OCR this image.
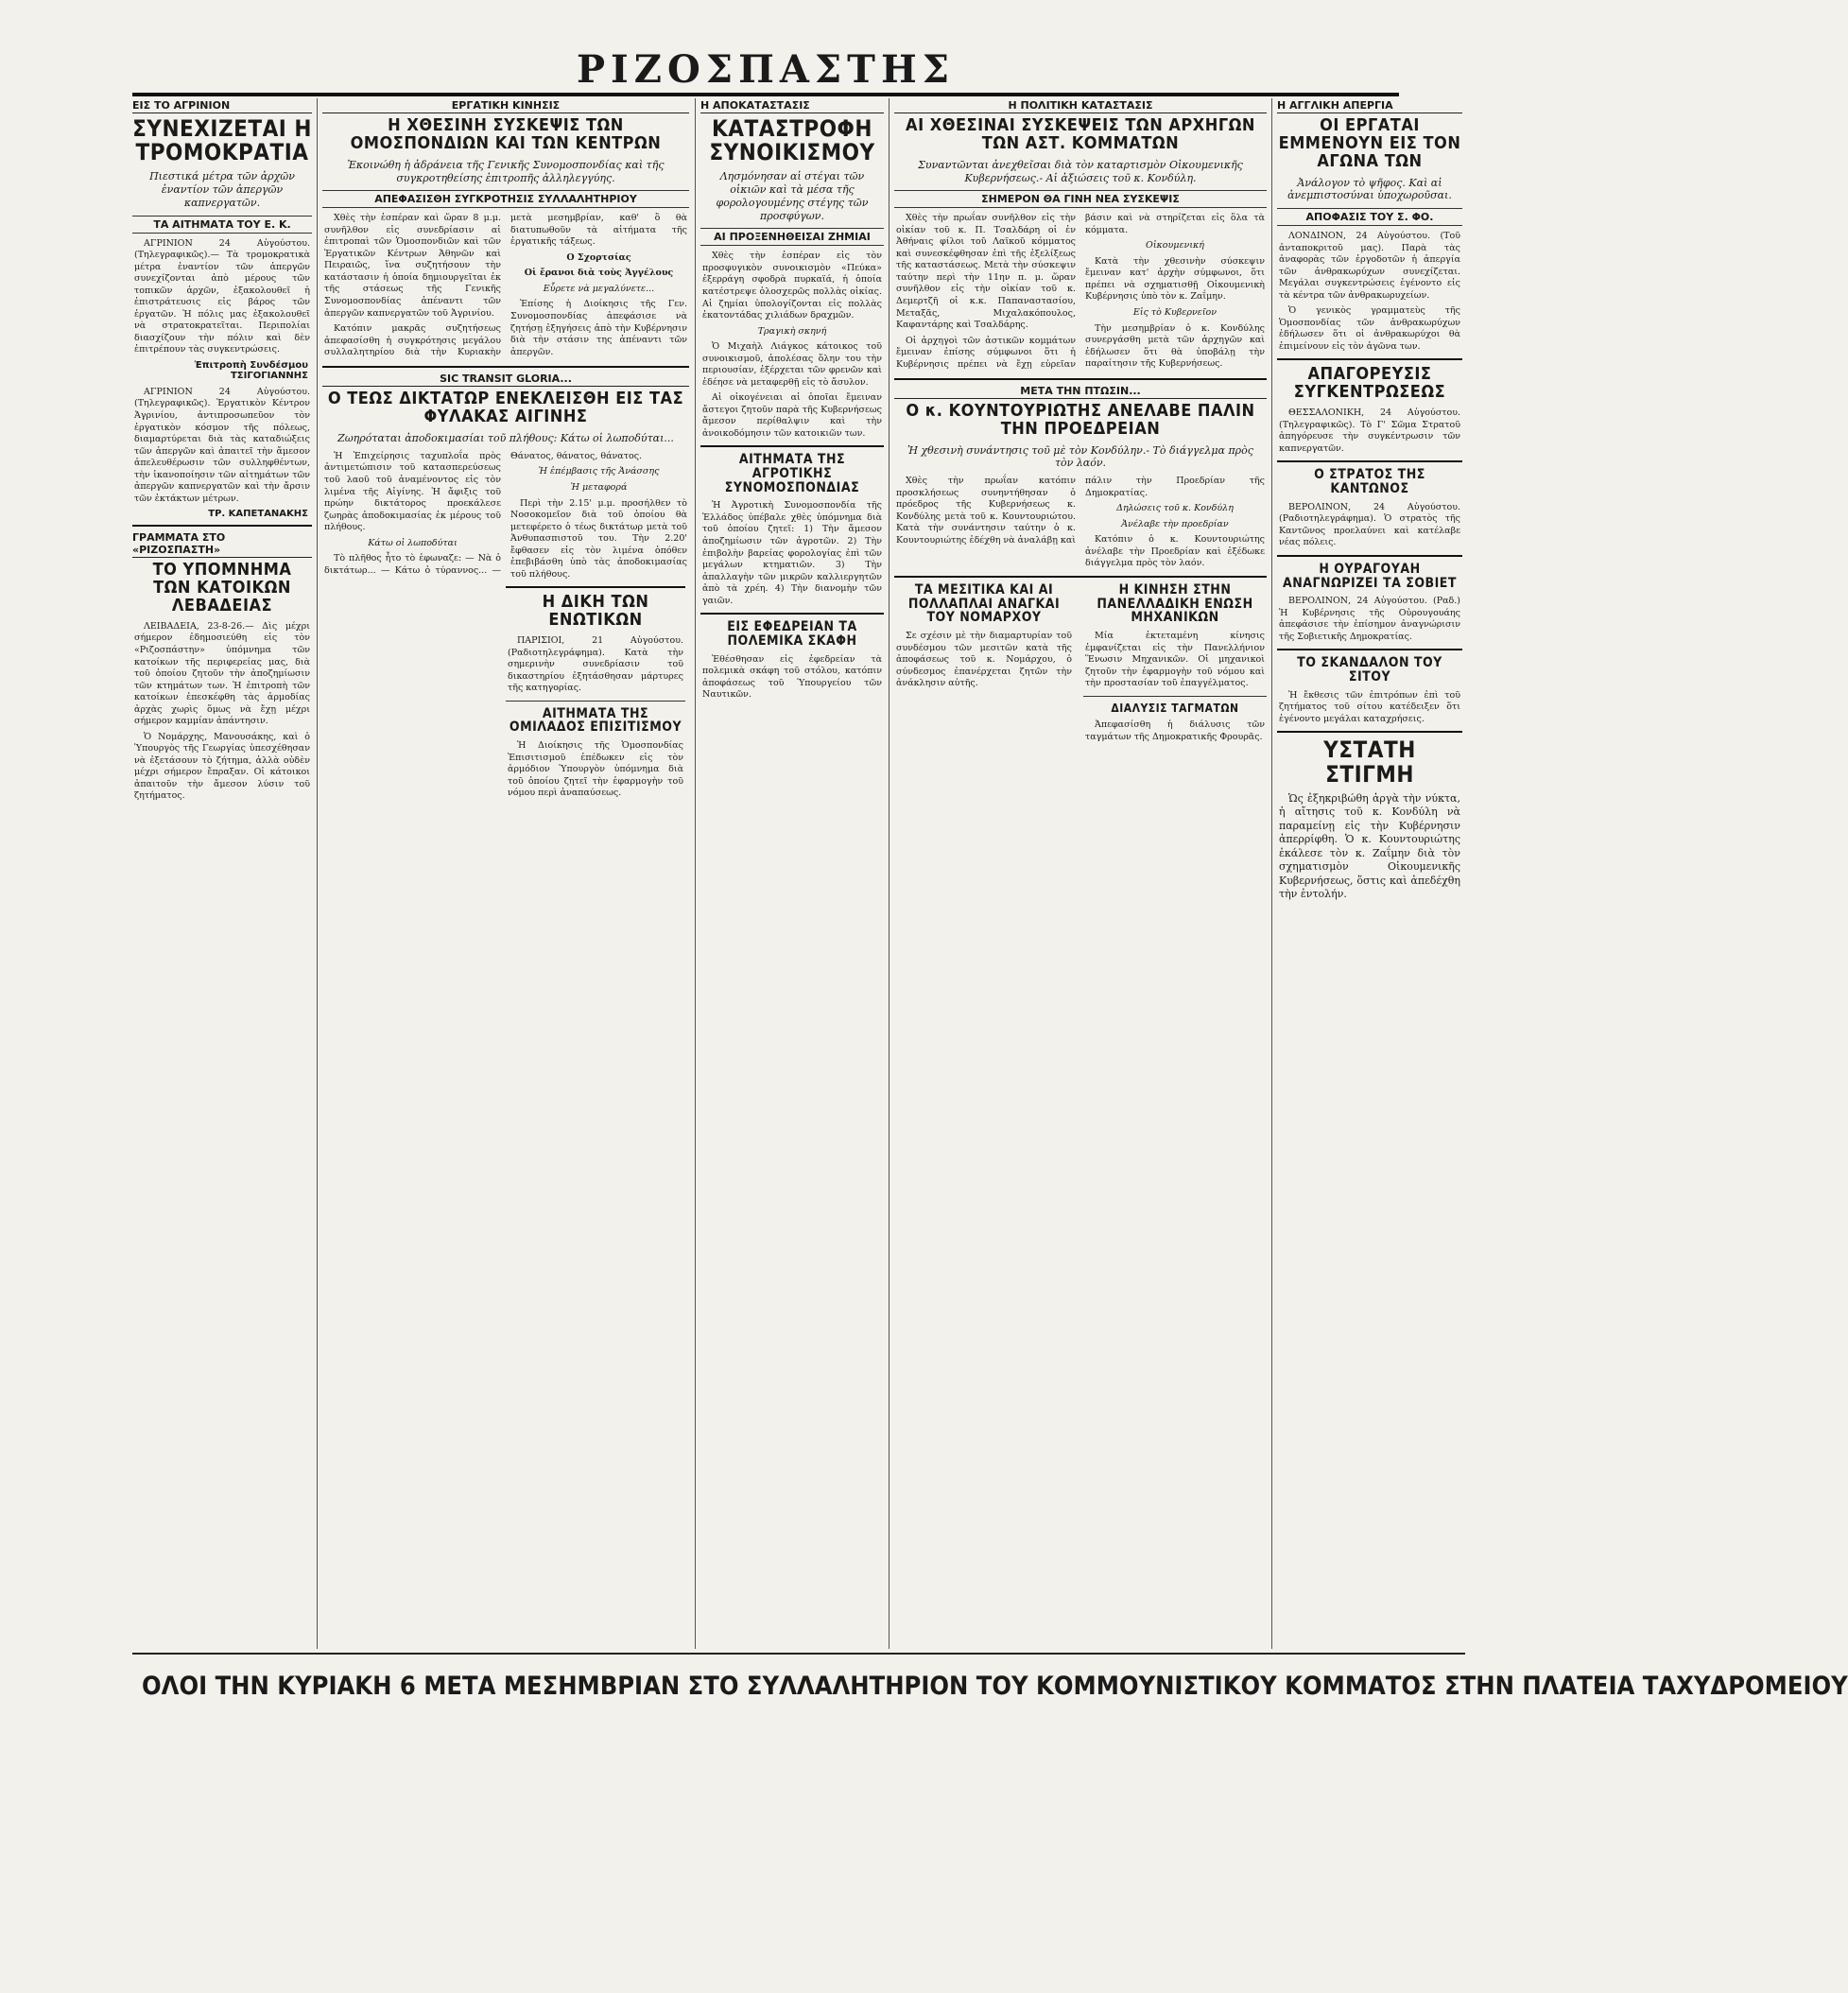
ΡΙΖΟΣΠΑΣΤΗΣ
ΕΙΣ ΤΟ ΑΓΡΙΝΙΟΝ
ΣΥΝΕΧΙΖΕΤΑΙ Η ΤΡΟΜΟΚΡΑΤΙΑ
Πιεστικά μέτρα τῶν ἀρχῶν ἐναντίον τῶν ἀπεργῶν καπνεργατῶν.
ΤΑ ΑΙΤΗΜΑΤΑ ΤΟΥ Ε. Κ.

ΑΓΡΙΝΙΟΝ 24 Αὐγούστου. (Τηλεγραφικῶς).— Τὰ τρομοκρατικὰ μέτρα ἐναντίον τῶν ἀπεργῶν συνεχίζονται ἀπὸ μέρους τῶν τοπικῶν ἀρχῶν, ἐξακολουθεῖ ἡ ἐπιστράτευσις εἰς βάρος τῶν ἐργατῶν. Ἡ πόλις μας ἐξακολουθεῖ νὰ στρατοκρατεῖται. Περιπολίαι διασχίζουν τὴν πόλιν καὶ δὲν ἐπιτρέπουν τὰς συγκεντρώσεις.

Ἐπιτροπὴ Συνδέσμου ΤΣΙΓΟΓΙΑΝΝΗΣ

ΑΓΡΙΝΙΟΝ 24 Αὐγούστου. (Τηλεγραφικῶς). Ἐργατικὸν Κέντρον Ἀγρινίου, ἀντιπροσωπεῦον τὸν ἐργατικὸν κόσμον τῆς πόλεως, διαμαρτύρεται διὰ τὰς καταδιώξεις τῶν ἀπεργῶν καὶ ἀπαιτεῖ τὴν ἄμεσον ἀπελευθέρωσιν τῶν συλληφθέντων, τὴν ἱκανοποίησιν τῶν αἰτημάτων τῶν ἀπεργῶν καπνεργατῶν καὶ τὴν ἄρσιν τῶν ἐκτάκτων μέτρων.

ΤΡ. ΚΑΠΕΤΑΝΑΚΗΣ
ΓΡΑΜΜΑΤΑ ΣΤΟ «ΡΙΖΟΣΠΑΣΤΗ»
ΤΟ ΥΠΟΜΝΗΜΑ ΤΩΝ ΚΑΤΟΙΚΩΝ ΛΕΒΑΔΕΙΑΣ

ΛΕΙΒΑΔΕΙΑ, 23-8-26.— Δὶς μέχρι σήμερον ἐδημοσιεύθη εἰς τὸν «Ριζοσπάστην» ὑπόμνημα τῶν κατοίκων τῆς περιφερείας μας, διὰ τοῦ ὁποίου ζητοῦν τὴν ἀποζημίωσιν τῶν κτημάτων των. Ἡ ἐπιτροπὴ τῶν κατοίκων ἐπεσκέφθη τὰς ἀρμοδίας ἀρχὰς χωρὶς ὅμως νὰ ἔχῃ μέχρι σήμερον καμμίαν ἀπάντησιν.

Ὁ Νομάρχης, Μανουσάκης, καὶ ὁ Ὑπουργὸς τῆς Γεωργίας ὑπεσχέθησαν νὰ ἐξετάσουν τὸ ζήτημα, ἀλλὰ οὐδὲν μέχρι σήμερον ἔπραξαν. Οἱ κάτοικοι ἀπαιτοῦν τὴν ἄμεσον λύσιν τοῦ ζητήματος.

ΕΡΓΑΤΙΚΗ ΚΙΝΗΣΙΣ
Η ΧΘΕΣΙΝΗ ΣΥΣΚΕΨΙΣ ΤΩΝ ΟΜΟΣΠΟΝΔΙΩΝ ΚΑΙ ΤΩΝ ΚΕΝΤΡΩΝ
Ἐκοινώθη ἡ ἀδράνεια τῆς Γενικῆς Συνομοσπονδίας καὶ τῆς συγκροτηθείσης ἐπιτροπῆς ἀλληλεγγύης.
ΑΠΕΦΑΣΙΣΘΗ ΣΥΓΚΡΟΤΗΣΙΣ ΣΥΛΛΑΛΗΤΗΡΙΟΥ

Χθὲς τὴν ἑσπέραν καὶ ὥραν 8 μ.μ. συνῆλθον εἰς συνεδρίασιν αἱ ἐπιτροπαὶ τῶν Ὁμοσπονδιῶν καὶ τῶν Ἐργατικῶν Κέντρων Ἀθηνῶν καὶ Πειραιῶς, ἵνα συζητήσουν τὴν κατάστασιν ἡ ὁποία δημιουργεῖται ἐκ τῆς στάσεως τῆς Γενικῆς Συνομοσπονδίας ἀπέναντι τῶν ἀπεργῶν καπνεργατῶν τοῦ Ἀγρινίου.

Κατόπιν μακρᾶς συζητήσεως ἀπεφασίσθη ἡ συγκρότησις μεγάλου συλλαλητηρίου διὰ τὴν Κυριακὴν μετὰ μεσημβρίαν, καθ' ὃ θὰ διατυπωθοῦν τὰ αἰτήματα τῆς ἐργατικῆς τάξεως.

Ο Σχορτσίας

Οἱ ἔρανοι διὰ τοὺς Ἀγγέλους

Εὗρετε νὰ μεγαλύνετε...

Ἐπίσης ἡ Διοίκησις τῆς Γεν. Συνομοσπονδίας ἀπεφάσισε νὰ ζητήσῃ ἐξηγήσεις ἀπὸ τὴν Κυβέρνησιν διὰ τὴν στάσιν της ἀπέναντι τῶν ἀπεργῶν.

SIC TRANSIT GLORIA...
Ο ΤΕΩΣ ΔΙΚΤΑΤΩΡ ΕΝΕΚΛΕΙΣΘΗ ΕΙΣ ΤΑΣ ΦΥΛΑΚΑΣ ΑΙΓΙΝΗΣ
Ζωηρόταται ἀποδοκιμασίαι τοῦ πλήθους: Κάτω οἱ λωποδύται...

Ἡ Ἐπιχείρησις ταχυπλοΐα πρὸς ἀντιμετώπισιν τοῦ κατασπερεύσεως τοῦ λαοῦ τοῦ ἀναμένοντος εἰς τὸν λιμένα τῆς Αἰγίνης. Ἡ ἄφιξις τοῦ πρώην δικτάτορος προεκάλεσε ζωηρὰς ἀποδοκιμασίας ἐκ μέρους τοῦ πλήθους.

Κάτω οἱ λωποδύται

Τὸ πλῆθος ἦτο τὸ ἐφωναζε: — Νὰ ὁ δικτάτωρ... — Κάτω ὁ τύραννος... — Θάνατος, θάνατος, θάνατος.

Ἡ ἐπέμβασις τῆς Ἀνάσσης

Ἡ μεταφορά

Περὶ τὴν 2.15' μ.μ. προσήλθεν τὸ Νοσοκομεῖον διὰ τοῦ ὁποίου θὰ μετεφέρετο ὁ τέως δικτάτωρ μετὰ τοῦ Ἀνθυπασπιστοῦ του. Τὴν 2.20' ἔφθασεν εἰς τὸν λιμένα ὁπόθεν ἐπεβιβάσθη ὑπὸ τὰς ἀποδοκιμασίας τοῦ πλήθους.

Η ΔΙΚΗ ΤΩΝ ΕΝΩΤΙΚΩΝ

ΠΑΡΙΣΙΟΙ, 21 Αὐγούστου. (Ραδιοτηλεγράφημα). Κατὰ τὴν σημερινὴν συνεδρίασιν τοῦ δικαστηρίου ἐξητάσθησαν μάρτυρες τῆς κατηγορίας.

ΑΙΤΗΜΑΤΑ ΤΗΣ ΟΜΙΛΑΔΟΣ ΕΠΙΣΙΤΙΣΜΟΥ

Ἡ Διοίκησις τῆς Ὁμοσπονδίας Ἐπισιτισμοῦ ἐπέδωκεν εἰς τὸν ἁρμόδιον Ὑπουργὸν ὑπόμνημα διὰ τοῦ ὁποίου ζητεῖ τὴν ἐφαρμογὴν τοῦ νόμου περὶ ἀναπαύσεως.

Η ΑΠΟΚΑΤΑΣΤΑΣΙΣ
ΚΑΤΑΣΤΡΟΦΗ ΣΥΝΟΙΚΙΣΜΟΥ
Λησμόνησαν αἱ στέγαι τῶν οἰκιῶν καὶ τὰ μέσα τῆς φορολογουμένης στέγης τῶν προσφύγων.
ΑΙ ΠΡΟΞΕΝΗΘΕΙΣΑΙ ΖΗΜΙΑΙ

Χθὲς τὴν ἑσπέραν εἰς τὸν προσφυγικὸν συνοικισμὸν «Πεύκα» ἐξερράγη σφοδρὰ πυρκαϊά, ἡ ὁποία κατέστρεψε ὁλοσχερῶς πολλὰς οἰκίας. Αἱ ζημίαι ὑπολογίζονται εἰς πολλὰς ἑκατοντάδας χιλιάδων δραχμῶν.

Τραγικὴ σκηνή

Ὁ Μιχαὴλ Λιάγκος κάτοικος τοῦ συνοικισμοῦ, ἀπολέσας ὅλην του τὴν περιουσίαν, ἐξέρχεται τῶν φρενῶν καὶ ἐδέησε νὰ μεταφερθῇ εἰς τὸ ἄσυλον.

Αἱ οἰκογένειαι αἱ ὁποῖαι ἔμειναν ἄστεγοι ζητοῦν παρὰ τῆς Κυβερνήσεως ἄμεσον περίθαλψιν καὶ τὴν ἀνοικοδόμησιν τῶν κατοικιῶν των.

ΑΙΤΗΜΑΤΑ ΤΗΣ ΑΓΡΟΤΙΚΗΣ ΣΥΝΟΜΟΣΠΟΝΔΙΑΣ

Ἡ Ἀγροτικὴ Συνομοσπονδία τῆς Ἑλλάδος ὑπέβαλε χθὲς ὑπόμνημα διὰ τοῦ ὁποίου ζητεῖ: 1) Τὴν ἄμεσον ἀποζημίωσιν τῶν ἀγροτῶν. 2) Τὴν ἐπιβολὴν βαρείας φορολογίας ἐπὶ τῶν μεγάλων κτηματιῶν. 3) Τὴν ἀπαλλαγὴν τῶν μικρῶν καλλιεργητῶν ἀπὸ τὰ χρέη. 4) Τὴν διανομὴν τῶν γαιῶν.

ΕΙΣ ΕΦΕΔΡΕΙΑΝ ΤΑ ΠΟΛΕΜΙΚΑ ΣΚΑΦΗ

Ἐθέσθησαν εἰς ἐφεδρείαν τὰ πολεμικὰ σκάφη τοῦ στόλου, κατόπιν ἀποφάσεως τοῦ Ὑπουργείου τῶν Ναυτικῶν.

Η ΠΟΛΙΤΙΚΗ ΚΑΤΑΣΤΑΣΙΣ
ΑΙ ΧΘΕΣΙΝΑΙ ΣΥΣΚΕΨΕΙΣ ΤΩΝ ΑΡΧΗΓΩΝ ΤΩΝ ΑΣΤ. ΚΟΜΜΑΤΩΝ
Συναντῶνται ἀνεχθεῖσαι διὰ τὸν καταρτισμὸν Οἰκουμενικῆς Κυβερνήσεως.- Αἱ ἀξιώσεις τοῦ κ. Κονδύλη.
ΣΗΜΕΡΟΝ ΘΑ ΓΙΝΗ ΝΕΑ ΣΥΣΚΕΨΙΣ

Χθὲς τὴν πρωΐαν συνῆλθον εἰς τὴν οἰκίαν τοῦ κ. Π. Τσαλδάρη οἱ ἐν Ἀθήναις φίλοι τοῦ Λαϊκοῦ κόμματος καὶ συνεσκέφθησαν ἐπὶ τῆς ἐξελίξεως τῆς καταστάσεως. Μετὰ τὴν σύσκεψιν ταύτην περὶ τὴν 11ην π. μ. ὥραν συνῆλθον εἰς τὴν οἰκίαν τοῦ κ. Δεμερτζῆ οἱ κ.κ. Παπαναστασίου, Μεταξᾶς, Μιχαλακόπουλος, Καφαντάρης καὶ Τσαλδάρης.

Οἱ ἀρχηγοὶ τῶν ἀστικῶν κομμάτων ἔμειναν ἐπίσης σύμφωνοι ὅτι ἡ Κυβέρνησις πρέπει νὰ ἔχῃ εὐρεῖαν βάσιν καὶ νὰ στηρίζεται εἰς ὅλα τὰ κόμματα.

Οἰκουμενική

Κατὰ τὴν χθεσινὴν σύσκεψιν ἔμειναν κατ' ἀρχὴν σύμφωνοι, ὅτι πρέπει νὰ σχηματισθῇ Οἰκουμενικὴ Κυβέρνησις ὑπὸ τὸν κ. Ζαΐμην.

Εἰς τὸ Κυβερνεῖον

Τὴν μεσημβρίαν ὁ κ. Κονδύλης συνεργάσθη μετὰ τῶν ἀρχηγῶν καὶ ἐδήλωσεν ὅτι θὰ ὑποβάλῃ τὴν παραίτησιν τῆς Κυβερνήσεως.

ΜΕΤΑ ΤΗΝ ΠΤΩΣΙΝ...
Ο κ. ΚΟΥΝΤΟΥΡΙΩΤΗΣ ΑΝΕΛΑΒΕ ΠΑΛΙΝ ΤΗΝ ΠΡΟΕΔΡΕΙΑΝ
Ἡ χθεσινὴ συνάντησις τοῦ μὲ τὸν Κονδύλην.- Τὸ διάγγελμα πρὸς τὸν λαόν.

Χθὲς τὴν πρωΐαν κατόπιν προσκλήσεως συνηντήθησαν ὁ πρόεδρος τῆς Κυβερνήσεως κ. Κονδύλης μετὰ τοῦ κ. Κουντουριώτου. Κατὰ τὴν συνάντησιν ταύτην ὁ κ. Κουντουριώτης ἐδέχθη νὰ ἀναλάβῃ καὶ πάλιν τὴν Προεδρίαν τῆς Δημοκρατίας.

Δηλώσεις τοῦ κ. Κονδύλη

Ἀνέλαβε τὴν προεδρίαν

Κατόπιν ὁ κ. Κουντουριώτης ἀνέλαβε τὴν Προεδρίαν καὶ ἐξέδωκε διάγγελμα πρὸς τὸν λαόν.

ΤΑ ΜΕΣΙΤΙΚΑ ΚΑΙ ΑΙ ΠΟΛΛΑΠΛΑΙ ΑΝΑΓΚΑΙ ΤΟΥ ΝΟΜΑΡΧΟΥ

Σε σχέσιν μὲ τὴν διαμαρτυρίαν τοῦ συνδέσμου τῶν μεσιτῶν κατὰ τῆς ἀποφάσεως τοῦ κ. Νομάρχου, ὁ σύνδεσμος ἐπανέρχεται ζητῶν τὴν ἀνάκλησιν αὐτῆς.

Η ΚΙΝΗΣΗ ΣΤΗΝ ΠΑΝΕΛΛΑΔΙΚΗ ΕΝΩΣΗ ΜΗΧΑΝΙΚΩΝ

Μία ἐκτεταμένη κίνησις ἐμφανίζεται εἰς τὴν Πανελλήνιον Ἕνωσιν Μηχανικῶν. Οἱ μηχανικοὶ ζητοῦν τὴν ἐφαρμογὴν τοῦ νόμου καὶ τὴν προστασίαν τοῦ ἐπαγγέλματος.

ΔΙΑΛΥΣΙΣ ΤΑΓΜΑΤΩΝ

Ἀπεφασίσθη ἡ διάλυσις τῶν ταγμάτων τῆς Δημοκρατικῆς Φρουρᾶς.

Η ΑΓΓΛΙΚΗ ΑΠΕΡΓΙΑ
ΟΙ ΕΡΓΑΤΑΙ ΕΜΜΕΝΟΥΝ ΕΙΣ ΤΟΝ ΑΓΩΝΑ ΤΩΝ
Ἀνάλογον τὸ ψῆφος. Καὶ αἱ ἀνεμπιστοσύναι ὑποχωροῦσαι.
ΑΠΟΦΑΣΙΣ ΤΟΥ Σ. ΦΟ.

ΛΟΝΔΙΝΟΝ, 24 Αὐγούστου. (Τοῦ ἀνταποκριτοῦ μας). Παρὰ τὰς ἀναφορὰς τῶν ἐργοδοτῶν ἡ ἀπεργία τῶν ἀνθρακωρύχων συνεχίζεται. Μεγάλαι συγκεντρώσεις ἐγένοντο εἰς τὰ κέντρα τῶν ἀνθρακωρυχείων.

Ὁ γενικὸς γραμματεὺς τῆς Ὁμοσπονδίας τῶν ἀνθρακωρύχων ἐδήλωσεν ὅτι οἱ ἀνθρακωρύχοι θὰ ἐπιμείνουν εἰς τὸν ἀγῶνα των.

ΑΠΑΓΟΡΕΥΣΙΣ ΣΥΓΚΕΝΤΡΩΣΕΩΣ

ΘΕΣΣΑΛΟΝΙΚΗ, 24 Αὐγούστου. (Τηλεγραφικῶς). Τὸ Γ' Σῶμα Στρατοῦ ἀπηγόρευσε τὴν συγκέντρωσιν τῶν καπνεργατῶν.

Ο ΣΤΡΑΤΟΣ ΤΗΣ ΚΑΝΤΩΝΟΣ

ΒΕΡΟΛΙΝΟΝ, 24 Αὐγούστου. (Ραδιοτηλεγράφημα). Ὁ στρατὸς τῆς Καντῶνος προελαύνει καὶ κατέλαβε νέας πόλεις.

Η ΟΥΡΑΓΟΥΑΗ ΑΝΑΓΝΩΡΙΖΕΙ ΤΑ ΣΟΒΙΕΤ

ΒΕΡΟΛΙΝΟΝ, 24 Αὐγούστου. (Ραδ.) Ἡ Κυβέρνησις τῆς Οὐρουγουάης ἀπεφάσισε τὴν ἐπίσημον ἀναγνώρισιν τῆς Σοβιετικῆς Δημοκρατίας.

ΤΟ ΣΚΑΝΔΑΛΟΝ ΤΟΥ ΣΙΤΟΥ

Ἡ ἔκθεσις τῶν ἐπιτρόπων ἐπὶ τοῦ ζητήματος τοῦ σίτου κατέδειξεν ὅτι ἐγένοντο μεγάλαι καταχρήσεις.

ΥΣΤΑΤΗ ΣΤΙΓΜΗ

Ὡς ἐξηκριβώθη ἀργὰ τὴν νύκτα, ἡ αἴτησις τοῦ κ. Κονδύλη νὰ παραμείνῃ εἰς τὴν Κυβέρνησιν ἀπερρίφθη. Ὁ κ. Κουντουριώτης ἐκάλεσε τὸν κ. Ζαΐμην διὰ τὸν σχηματισμὸν Οἰκουμενικῆς Κυβερνήσεως, ὅστις καὶ ἀπεδέχθη τὴν ἐντολήν.

ΟΛΟΙ ΤΗΝ ΚΥΡΙΑΚΗ 6 ΜΕΤΑ ΜΕΣΗΜΒΡΙΑΝ ΣΤΟ ΣΥΛΛΑΛΗΤΗΡΙΟΝ ΤΟΥ ΚΟΜΜΟΥΝΙΣΤΙΚΟΥ ΚΟΜΜΑΤΟΣ ΣΤΗΝ ΠΛΑΤΕΙΑ ΤΑΧΥΔΡΟΜΕΙΟΥ
